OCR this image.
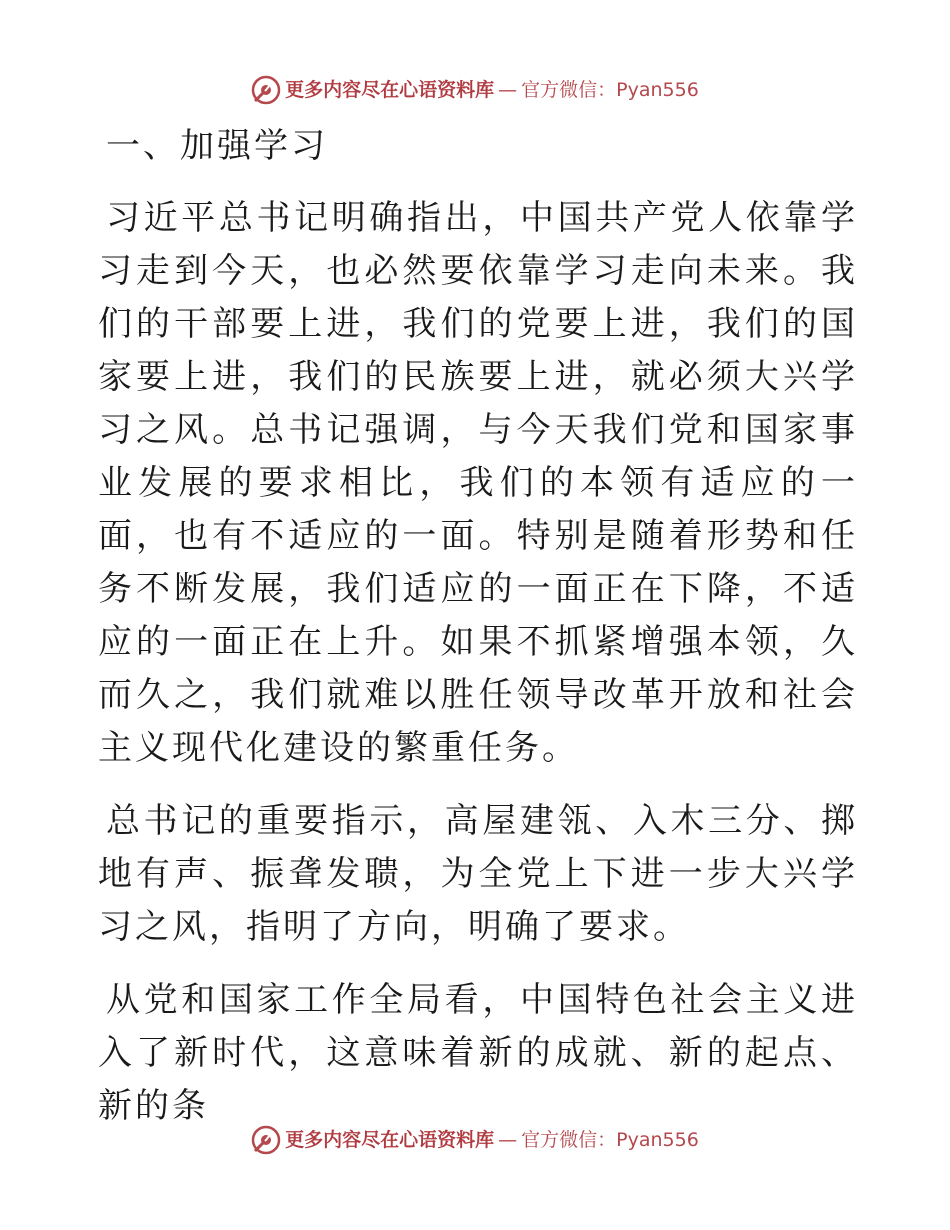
更多内容尽在心语资料库 — 官方微信：Pyan556
一、加强学习

习近平总书记明确指出，中国共产党人依靠学习走到今天，也必然要依靠学习走向未来。我们的干部要上进，我们的党要上进，我们的国家要上进，我们的民族要上进，就必须大兴学习之风。总书记强调，与今天我们党和国家事业发展的要求相比，我们的本领有适应的一面，也有不适应的一面。特别是随着形势和任务不断发展，我们适应的一面正在下降，不适应的一面正在上升。如果不抓紧增强本领，久而久之，我们就难以胜任领导改革开放和社会主义现代化建设的繁重任务。

总书记的重要指示，高屋建瓴、入木三分、掷地有声、振聋发聩，为全党上下进一步大兴学习之风，指明了方向，明确了要求。

从党和国家工作全局看，中国特色社会主义进入了新时代，这意味着新的成就、新的起点、新的条

更多内容尽在心语资料库 — 官方微信：Pyan556
